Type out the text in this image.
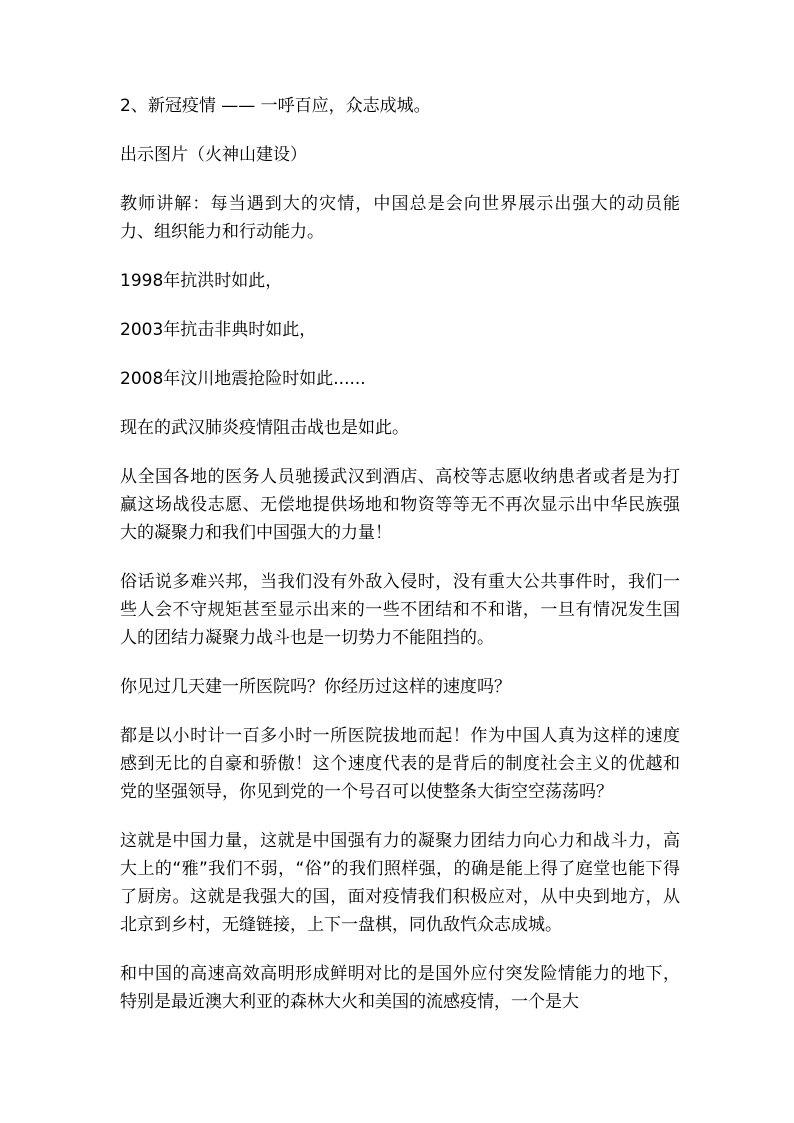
2、新冠疫情 —— 一呼百应，众志成城。

出示图片（火神山建设）

教师讲解：每当遇到大的灾情，中国总是会向世界展示出强大的动员能力、组织能力和行动能力。

1998年抗洪时如此，

2003年抗击非典时如此，

2008年汶川地震抢险时如此......

现在的武汉肺炎疫情阻击战也是如此。

从全国各地的医务人员驰援武汉到酒店、高校等志愿收纳患者或者是为打赢这场战役志愿、无偿地提供场地和物资等等无不再次显示出中华民族强大的凝聚力和我们中国强大的力量！

俗话说多难兴邦，当我们没有外敌入侵时，没有重大公共事件时，我们一些人会不守规矩甚至显示出来的一些不团结和不和谐，一旦有情况发生国人的团结力凝聚力战斗也是一切势力不能阻挡的。

你见过几天建一所医院吗？你经历过这样的速度吗？

都是以小时计一百多小时一所医院拔地而起！作为中国人真为这样的速度感到无比的自豪和骄傲！这个速度代表的是背后的制度社会主义的优越和党的坚强领导，你见到党的一个号召可以使整条大街空空荡荡吗？

这就是中国力量，这就是中国强有力的凝聚力团结力向心力和战斗力，高大上的“雅”我们不弱，“俗”的我们照样强，的确是能上得了庭堂也能下得了厨房。这就是我强大的国，面对疫情我们积极应对，从中央到地方，从北京到乡村，无缝链接，上下一盘棋，同仇敌忾众志成城。

和中国的高速高效高明形成鲜明对比的是国外应付突发险情能力的地下，特别是最近澳大利亚的森林大火和美国的流感疫情，一个是大
